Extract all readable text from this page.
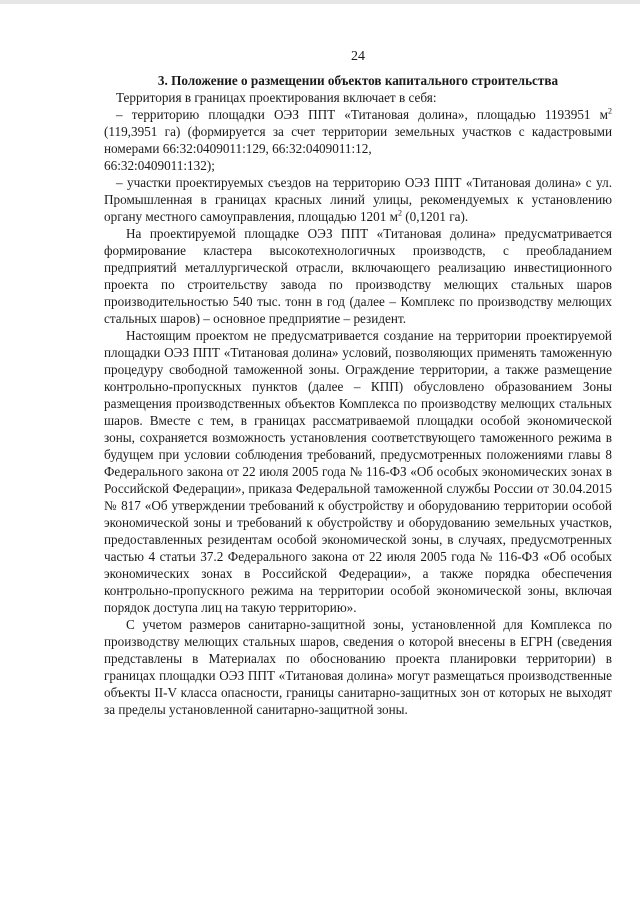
24
3. Положение о размещении объектов капитального строительства

Территория в границах проектирования включает в себя:

– территорию площадки ОЭЗ ППТ «Титановая долина», площадью 1193951 $м^2$ (119,3951 га) (формируется за счет территории земельных участков с кадастровыми номерами 66:32:0409011:129, 66:32:0409011:12,

66:32:0409011:132);

– участки проектируемых съездов на территорию ОЭЗ ППТ «Титановая долина» с ул. Промышленная в границах красных линий улицы, рекомендуемых к установлению органу местного самоуправления, площадью 1201 $м^2$ (0,1201 га).

На проектируемой площадке ОЭЗ ППТ «Титановая долина» предусматривается формирование кластера высокотехнологичных производств, с преобладанием предприятий металлургической отрасли, включающего реализацию инвестиционного проекта по строительству завода по производству мелющих стальных шаров производительностью 540 тыс. тонн в год (далее – Комплекс по производству мелющих стальных шаров) – основное предприятие – резидент.

Настоящим проектом не предусматривается создание на территории проектируемой площадки ОЭЗ ППТ «Титановая долина» условий, позволяющих применять таможенную процедуру свободной таможенной зоны. Ограждение территории, а также размещение контрольно-пропускных пунктов (далее – КПП) обусловлено образованием Зоны размещения производственных объектов Комплекса по производству мелющих стальных шаров. Вместе с тем, в границах рассматриваемой площадки особой экономической зоны, сохраняется возможность установления соответствующего таможенного режима в будущем при условии соблюдения требований, предусмотренных положениями главы 8 Федерального закона от 22 июля 2005 года № 116-ФЗ «Об особых экономических зонах в Российской Федерации», приказа Федеральной таможенной службы России от 30.04.2015 № 817 «Об утверждении требований к обустройству и оборудованию территории особой экономической зоны и требований к обустройству и оборудованию земельных участков, предоставленных резидентам особой экономической зоны, в случаях, предусмотренных частью 4 статьи 37.2 Федерального закона от 22 июля 2005 года № 116-ФЗ «Об особых экономических зонах в Российской Федерации», а также порядка обеспечения контрольно-пропускного режима на территории особой экономической зоны, включая порядок доступа лиц на такую территорию».

С учетом размеров санитарно-защитной зоны, установленной для Комплекса по производству мелющих стальных шаров, сведения о которой внесены в ЕГРН (сведения представлены в Материалах по обоснованию проекта планировки территории) в границах площадки ОЭЗ ППТ «Титановая долина» могут размещаться производственные объекты II-V класса опасности, границы санитарно-защитных зон от которых не выходят за пределы установленной санитарно-защитной зоны.
